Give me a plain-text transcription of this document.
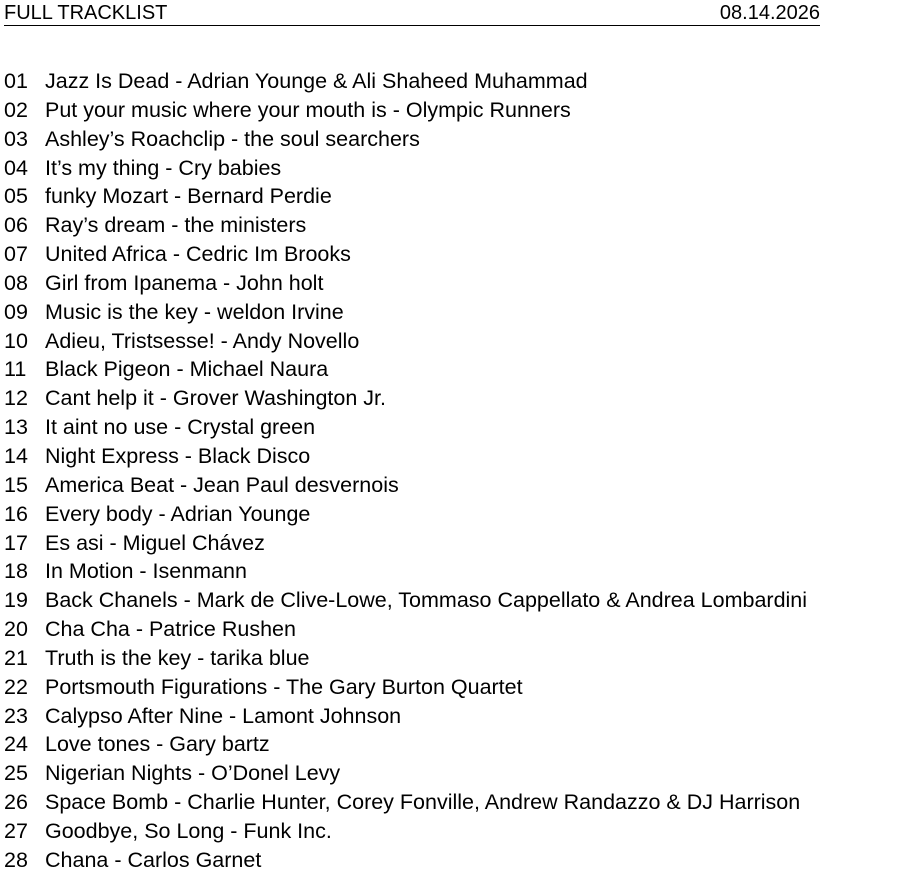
FULL TRACKLIST	08.14.2026
01 Jazz Is Dead - Adrian Younge & Ali Shaheed Muhammad
02 Put your music where your mouth is - Olympic Runners
03 Ashley’s Roachclip - the soul searchers
04 It’s my thing - Cry babies
05 funky Mozart - Bernard Perdie
06 Ray’s dream - the ministers
07 United Africa - Cedric Im Brooks
08 Girl from Ipanema - John holt
09 Music is the key - weldon Irvine
10 Adieu, Tristsesse! - Andy Novello
11 Black Pigeon - Michael Naura
12 Cant help it - Grover Washington Jr.
13 It aint no use - Crystal green
14 Night Express - Black Disco
15 America Beat - Jean Paul desvernois
16 Every body - Adrian Younge
17 Es asi - Miguel Chávez
18 In Motion - Isenmann
19 Back Chanels - Mark de Clive-Lowe, Tommaso Cappellato & Andrea Lombardini
20 Cha Cha - Patrice Rushen
21 Truth is the key - tarika blue
22 Portsmouth Figurations - The Gary Burton Quartet
23 Calypso After Nine - Lamont Johnson
24 Love tones - Gary bartz
25 Nigerian Nights - O’Donel Levy
26 Space Bomb - Charlie Hunter, Corey Fonville, Andrew Randazzo & DJ Harrison
27 Goodbye, So Long - Funk Inc.
28 Chana - Carlos Garnet
